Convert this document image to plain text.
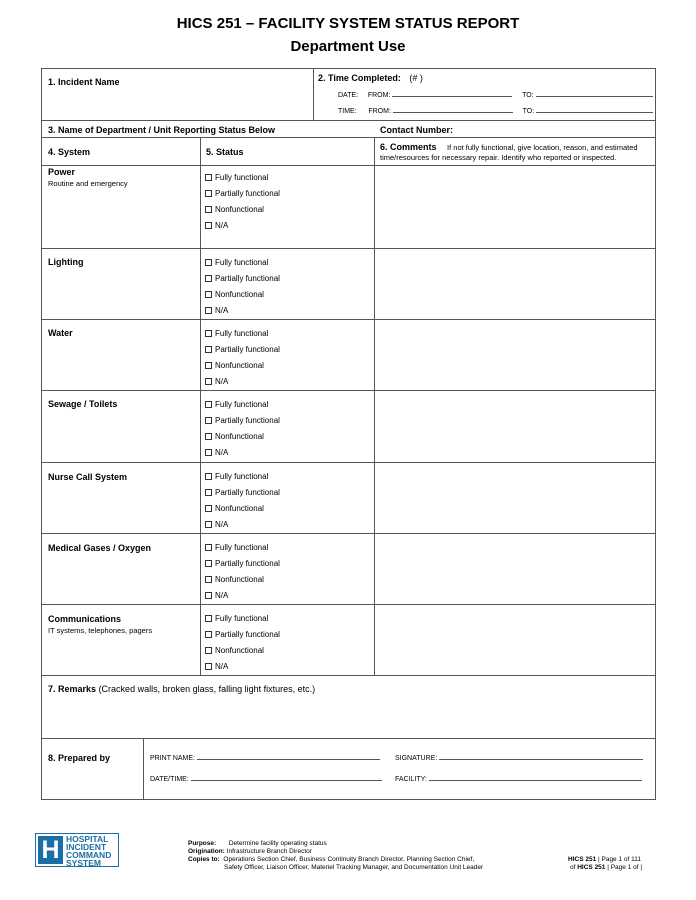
HICS 251 – FACILITY SYSTEM STATUS REPORT
Department Use
1. Incident Name	2. Time Completed: (# )
DATE: FROM:	TO:
TIME: FROM:	TO:
3. Name of Department / Unit Reporting Status Below	Contact Number:
4. System	5. Status	6. Comments If not fully functional, give location, reason, and estimated
time/resources for necessary repair. Identify who reported or inspected.
Power
Routine and emergency
Fully functional
Partially functional
Nonfunctional
N/A
Lighting	Fully functional
Partially functional
Nonfunctional
N/A
Water	Fully functional
Partially functional
Nonfunctional
N/A
Sewage / Toilets	Fully functional
Partially functional
Nonfunctional
N/A
Nurse Call System	Fully functional
Partially functional
Nonfunctional
N/A
Medical Gases / Oxygen	Fully functional
Partially functional
Nonfunctional
N/A
Communications
IT systems, telephones, pagers
Fully functional
Partially functional
Nonfunctional
N/A
7. Remarks (Cracked walls, broken glass, falling light fixtures, etc.)
8. Prepared by	PRINT NAME:	SIGNATURE:
DATE/TIME:	FACILITY:
H HOSPITAL
INCIDENT
COMMAND
SYSTEM
Purpose: Determine facility operating status
Origination: Infrastructure Branch Director
Copies to: Operations Section Chief, Business Continuity Branch Director, Planning Section Chief,
Safety Officer, Liaison Officer, Materiel Tracking Manager, and Documentation Unit Leader
HICS 251 | Page 1 of 111
of HICS 251 | Page 1 of |
